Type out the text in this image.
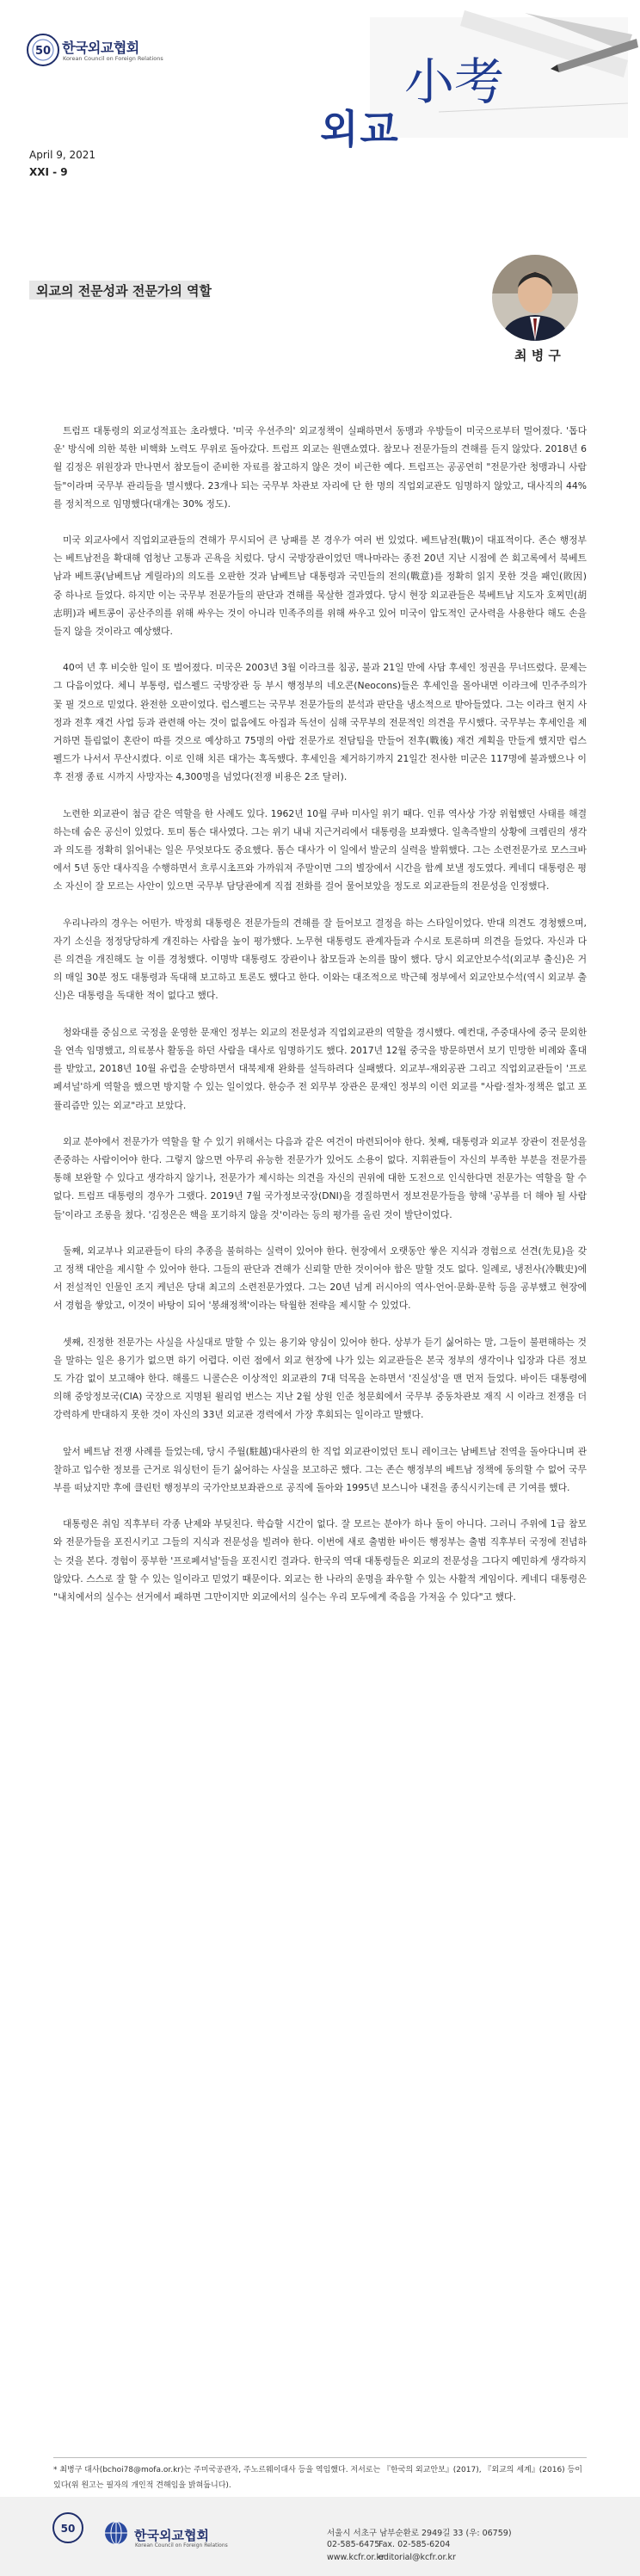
50 한국외교협회
Korean Council on Foreign Relations	小考
외교
April 9, 2021
XXI - 9
외교의 전문성과 전문가의 역할
최 병 구

트럼프 대통령의 외교성적표는 초라했다. '미국 우선주의' 외교정책이 실패하면서 동맹과 우방들이 미국으로부터 멀어졌다. '톱다운' 방식에 의한 북한 비핵화 노력도 무위로 돌아갔다. 트럼프 외교는 원맨쇼였다. 참모나 전문가들의 견해를 듣지 않았다. 2018년 6월 김정은 위원장과 만나면서 참모들이 준비한 자료를 참고하지 않은 것이 비근한 예다. 트럼프는 공공연히 "전문가란 청맹과니 사람들"이라며 국무부 관리들을 멸시했다. 23개나 되는 국무부 차관보 자리에 단 한 명의 직업외교관도 임명하지 않았고, 대사직의 44%를 정치적으로 임명했다(대개는 30% 정도).

미국 외교사에서 직업외교관들의 견해가 무시되어 큰 낭패를 본 경우가 여러 번 있었다. 베트남전(戰)이 대표적이다. 존슨 행정부는 베트남전을 확대해 엄청난 고통과 곤욕을 치렀다. 당시 국방장관이었던 맥나마라는 종전 20년 지난 시점에 쓴 회고록에서 북베트남과 베트콩(남베트남 게릴라)의 의도를 오판한 것과 남베트남 대통령과 국민들의 전의(戰意)를 정확히 읽지 못한 것을 패인(敗因) 중 하나로 들었다. 하지만 이는 국무부 전문가들의 판단과 견해를 묵살한 결과였다. 당시 현장 외교관들은 북베트남 지도자 호찌민(胡志明)과 베트콩이 공산주의를 위해 싸우는 것이 아니라 민족주의를 위해 싸우고 있어 미국이 압도적인 군사력을 사용한다 해도 손을 들지 않을 것이라고 예상했다.

40여 년 후 비슷한 일이 또 벌어졌다. 미국은 2003년 3월 이라크를 침공, 불과 21일 만에 사담 후세인 정권을 무너뜨렸다. 문제는 그 다음이었다. 체니 부통령, 럼스펠드 국방장관 등 부시 행정부의 네오콘(Neocons)들은 후세인을 몰아내면 이라크에 민주주의가 꽃 필 것으로 믿었다. 완전한 오판이었다. 럼스펠드는 국무부 전문가들의 분석과 판단을 냉소적으로 받아들였다. 그는 이라크 현지 사정과 전후 재건 사업 등과 관련해 아는 것이 없음에도 아집과 독선이 심해 국무부의 전문적인 의견을 무시했다. 국무부는 후세인을 제거하면 틀림없이 혼란이 따를 것으로 예상하고 75명의 아랍 전문가로 전담팀을 만들어 전후(戰後) 재건 계획을 만들게 했지만 럼스펠드가 나서서 무산시켰다. 이로 인해 치른 대가는 혹독했다. 후세인을 제거하기까지 21일간 전사한 미군은 117명에 불과했으나 이후 전쟁 종료 시까지 사망자는 4,300명을 넘었다(전쟁 비용은 2조 달러).

노련한 외교관이 첨금 같은 역할을 한 사례도 있다. 1962년 10월 쿠바 미사일 위기 때다. 인류 역사상 가장 위험했던 사태를 해결하는데 숨은 공신이 있었다. 토미 톰슨 대사였다. 그는 위기 내내 지근거리에서 대통령을 보좌했다. 일촉즉발의 상황에 크렘린의 생각과 의도를 정확히 읽어내는 일은 무엇보다도 중요했다. 톰슨 대사가 이 일에서 발군의 실력을 발휘했다. 그는 소련전문가로 모스크바에서 5년 동안 대사직을 수행하면서 흐루시초프와 가까워져 주말이면 그의 별장에서 시간을 함께 보낼 정도였다. 케네디 대통령은 평소 자신이 잘 모르는 사안이 있으면 국무부 담당관에게 직접 전화를 걸어 물어보았을 정도로 외교관들의 전문성을 인정했다.

우리나라의 경우는 어떤가. 박정희 대통령은 전문가들의 견해를 잘 들어보고 결정을 하는 스타일이었다. 반대 의견도 경청했으며, 자기 소신을 정정당당하게 개진하는 사람을 높이 평가했다. 노무현 대통령도 관계자들과 수시로 토론하며 의견을 들었다. 자신과 다른 의견을 개진해도 늘 이를 경청했다. 이명박 대통령도 장관이나 참모들과 논의를 많이 했다. 당시 외교안보수석(외교부 출신)은 거의 매일 30분 정도 대통령과 독대해 보고하고 토론도 했다고 한다. 이와는 대조적으로 박근혜 정부에서 외교안보수석(역시 외교부 출신)은 대통령을 독대한 적이 없다고 했다.

청와대를 중심으로 국정을 운영한 문재인 정부는 외교의 전문성과 직업외교관의 역할을 경시했다. 예컨대, 주중대사에 중국 문외한을 연속 임명했고, 의료봉사 활동을 하던 사람을 대사로 임명하기도 했다. 2017년 12월 중국을 방문하면서 보기 민망한 비례와 홀대를 받았고, 2018년 10월 유럽을 순방하면서 대북제재 완화를 설득하려다 실패했다. 외교부-재외공관 그리고 직업외교관들이 '프로페셔널'하게 역할을 했으면 방지할 수 있는 일이었다. 한승주 전 외무부 장관은 문재인 정부의 이런 외교를 "사람·절차·정책은 없고 포퓰리즘만 있는 외교"라고 보았다.

외교 분야에서 전문가가 역할을 할 수 있기 위해서는 다음과 같은 여건이 마련되어야 한다. 첫째, 대통령과 외교부 장관이 전문성을 존중하는 사람이어야 한다. 그렇지 않으면 아무리 유능한 전문가가 있어도 소용이 없다. 지휘관들이 자신의 부족한 부분을 전문가를 통해 보완할 수 있다고 생각하지 않기나, 전문가가 제시하는 의견을 자신의 권위에 대한 도전으로 인식한다면 전문가는 역할을 할 수 없다. 트럼프 대통령의 경우가 그랬다. 2019년 7월 국가정보국장(DNI)을 경질하면서 정보전문가들을 향해 '공부를 더 해야 될 사람들'이라고 조롱을 쳤다. '김정은은 핵을 포기하지 않을 것'이라는 등의 평가를 올린 것이 발단이었다.

둘째, 외교부나 외교관들이 타의 추종을 불허하는 실력이 있어야 한다. 현장에서 오랫동안 쌓은 지식과 경험으로 선견(先見)을 갖고 정책 대안을 제시할 수 있어야 한다. 그들의 판단과 견해가 신뢰할 만한 것이어야 함은 말할 것도 없다. 일례로, 냉전사(冷戰史)에서 전설적인 인물인 조지 케넌은 당대 최고의 소련전문가였다. 그는 20년 넘게 러시아의 역사·언어·문화·문학 등을 공부했고 현장에서 경험을 쌓았고, 이것이 바탕이 되어 '봉쇄정책'이라는 탁월한 전략을 제시할 수 있었다.

셋째, 진정한 전문가는 사실을 사실대로 말할 수 있는 용기와 양심이 있어야 한다. 상부가 듣기 싫어하는 말, 그들이 불편해하는 것을 말하는 일은 용기가 없으면 하기 어렵다. 이런 점에서 외교 현장에 나가 있는 외교관들은 본국 정부의 생각이나 입장과 다른 정보도 가감 없이 보고해야 한다. 해롤드 니콜슨은 이상적인 외교관의 7대 덕목을 논하면서 '진실성'을 맨 먼저 들었다. 바이든 대통령에 의해 중앙정보국(CIA) 국장으로 지명된 윌리엄 번스는 지난 2월 상원 인준 청문회에서 국무부 중동차관보 재직 시 이라크 전쟁을 더 강력하게 반대하지 못한 것이 자신의 33년 외교관 경력에서 가장 후회되는 일이라고 말했다.

앞서 베트남 전쟁 사례를 들었는데, 당시 주월(駐越)대사관의 한 직업 외교관이었던 토니 레이크는 남베트남 전역을 돌아다니며 관찰하고 입수한 정보를 근거로 워싱턴이 듣기 싫어하는 사실을 보고하곤 했다. 그는 존슨 행정부의 베트남 정책에 동의할 수 없어 국무부를 떠났지만 후에 클린턴 행정부의 국가안보보좌관으로 공직에 돌아와 1995년 보스니아 내전을 종식시키는데 큰 기여를 했다.

대통령은 취임 직후부터 각종 난제와 부딪친다. 학습할 시간이 없다. 잘 모르는 분야가 하나 둘이 아니다. 그러니 주위에 1급 참모와 전문가들을 포진시키고 그들의 지식과 전문성을 빌려야 한다. 이번에 새로 출범한 바이든 행정부는 출범 직후부터 국정에 전념하는 것을 본다. 경험이 풍부한 '프로페셔널'들을 포진시킨 결과다. 한국의 역대 대통령들은 외교의 전문성을 그다지 예민하게 생각하지 않았다. 스스로 잘 할 수 있는 일이라고 믿었기 때문이다. 외교는 한 나라의 운명을 좌우할 수 있는 사활적 게임이다. 케네디 대통령은 "내치에서의 실수는 선거에서 패하면 그만이지만 외교에서의 실수는 우리 모두에게 죽음을 가져올 수 있다"고 했다.

* 최병구 대사(bchoi78@mofa.or.kr)는 주미국공관자, 주노르웨이대사 등을 역임했다. 저서로는 『한국의 외교안보』(2017), 『외교의 세계』(2016) 등이 있다(위 원고는 필자의 개인적 견해임을 밝혀둡니다).
50	한국외교협회
Korean Council on Foreign Relations
서울시 서초구 남부순환로 2949길 33 (우: 06759)
02-585-6475
Fax. 02-585-6204
www.kcfr.or.kr
editorial@kcfr.or.kr
